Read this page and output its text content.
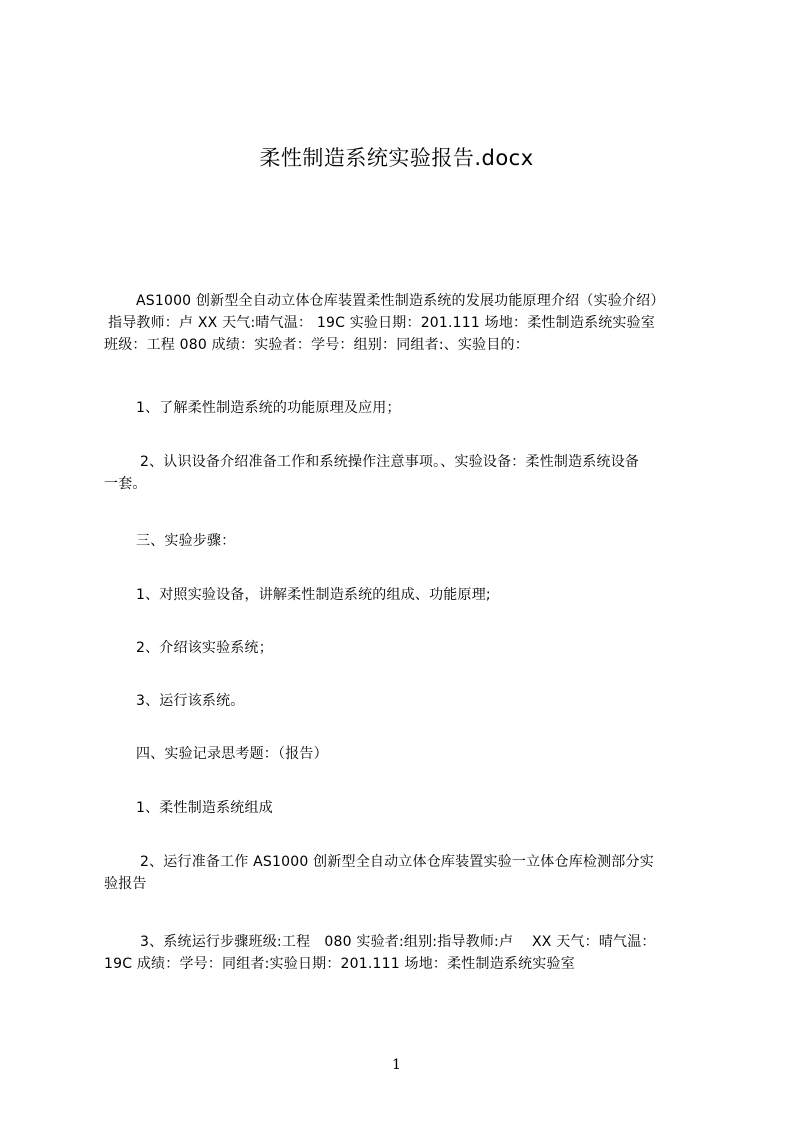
柔性制造系统实验报告.docx
AS1000 创新型全自动立体仓库装置柔性制造系统的发展功能原理介绍（实验介绍）
指导教师：卢 XX 天气:晴气温： 19C 实验日期：201.111 场地：柔性制造系统实验室
班级：工程 080 成绩：实验者：学号：组别：同组者:、实验目的：
1、了解柔性制造系统的功能原理及应用；
2、认识设备介绍准备工作和系统操作注意事项。、实验设备：柔性制造系统设备
一套。
三、实验步骤：
1、对照实验设备，讲解柔性制造系统的组成、功能原理;
2、介绍该实验系统；
3、运行该系统。
四、实验记录思考题：（报告）
1、柔性制造系统组成
2、运行准备工作 AS1000 创新型全自动立体仓库装置实验一立体仓库检测部分实
验报告
3、系统运行步骤班级:工程　080 实验者:组别:指导教师:卢　 XX 天气：晴气温：
19C 成绩：学号：同组者:实验日期：201.111 场地：柔性制造系统实验室
1
